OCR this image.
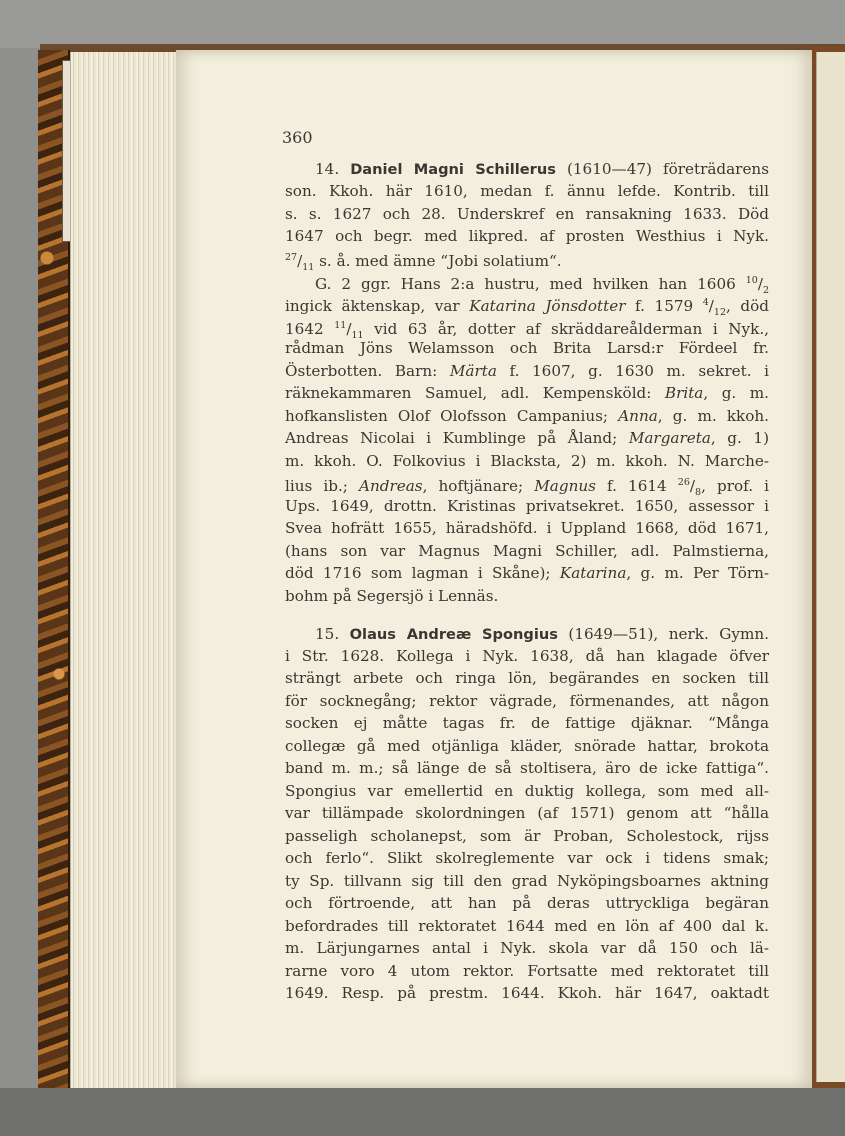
360
14. Daniel Magni Schillerus (1610—47) företrädarens
son. Kkoh. här 1610, medan f. ännu lefde. Kontrib. till
s. s. 1627 och 28. Underskref en ransakning 1633. Död
1647 och begr. med likpred. af prosten Westhius i Nyk.
$^{27}/_{11}$ s. å. med ämne “Jobi solatium“.
G. 2 ggr. Hans 2:a hustru, med hvilken han 1606 $^{10}/_2$
ingick äktenskap, var Katarina Jönsdotter f. 1579 $^4/_{12}$, död
1642 $^{11}/_{11}$ vid 63 år, dotter af skräddareålderman i Nyk.,
rådman Jöns Welamsson och Brita Larsd:r Fördeel fr.
Österbotten. Barn: Märta f. 1607, g. 1630 m. sekret. i
räknekammaren Samuel, adl. Kempensköld: Brita, g. m.
hofkanslisten Olof Olofsson Campanius; Anna, g. m. kkoh.
Andreas Nicolai i Kumblinge på Åland; Margareta, g. 1)
m. kkoh. O. Folkovius i Blacksta, 2) m. kkoh. N. Marche-
lius ib.; Andreas, hoftjänare; Magnus f. 1614 $^{26}/_8$, prof. i
Ups. 1649, drottn. Kristinas privatsekret. 1650, assessor i
Svea hofrätt 1655, häradshöfd. i Uppland 1668, död 1671,
(hans son var Magnus Magni Schiller, adl. Palmstierna,
död 1716 som lagman i Skåne); Katarina, g. m. Per Törn-
bohm på Segersjö i Lennäs.
15. Olaus Andreæ Spongius (1649—51), nerk. Gymn.
i Str. 1628. Kollega i Nyk. 1638, då han klagade öfver
strängt arbete och ringa lön, begärandes en socken till
för socknegång; rektor vägrade, förmenandes, att någon
socken ej måtte tagas fr. de fattige djäknar. “Många
collegæ gå med otjänliga kläder, snörade hattar, brokota
band m. m.; så länge de så stoltisera, äro de icke fattiga“.
Spongius var emellertid en duktig kollega, som med all-
var tillämpade skolordningen (af 1571) genom att “hålla
passeligh scholanepst, som är Proban, Scholestock, rijss
och ferlo“. Slikt skolreglemente var ock i tidens smak;
ty Sp. tillvann sig till den grad Nyköpingsboarnes aktning
och förtroende, att han på deras uttryckliga begäran
befordrades till rektoratet 1644 med en lön af 400 dal k.
m. Lärjungarnes antal i Nyk. skola var då 150 och lä-
rarne voro 4 utom rektor. Fortsatte med rektoratet till
1649. Resp. på prestm. 1644. Kkoh. här 1647, oaktadt
